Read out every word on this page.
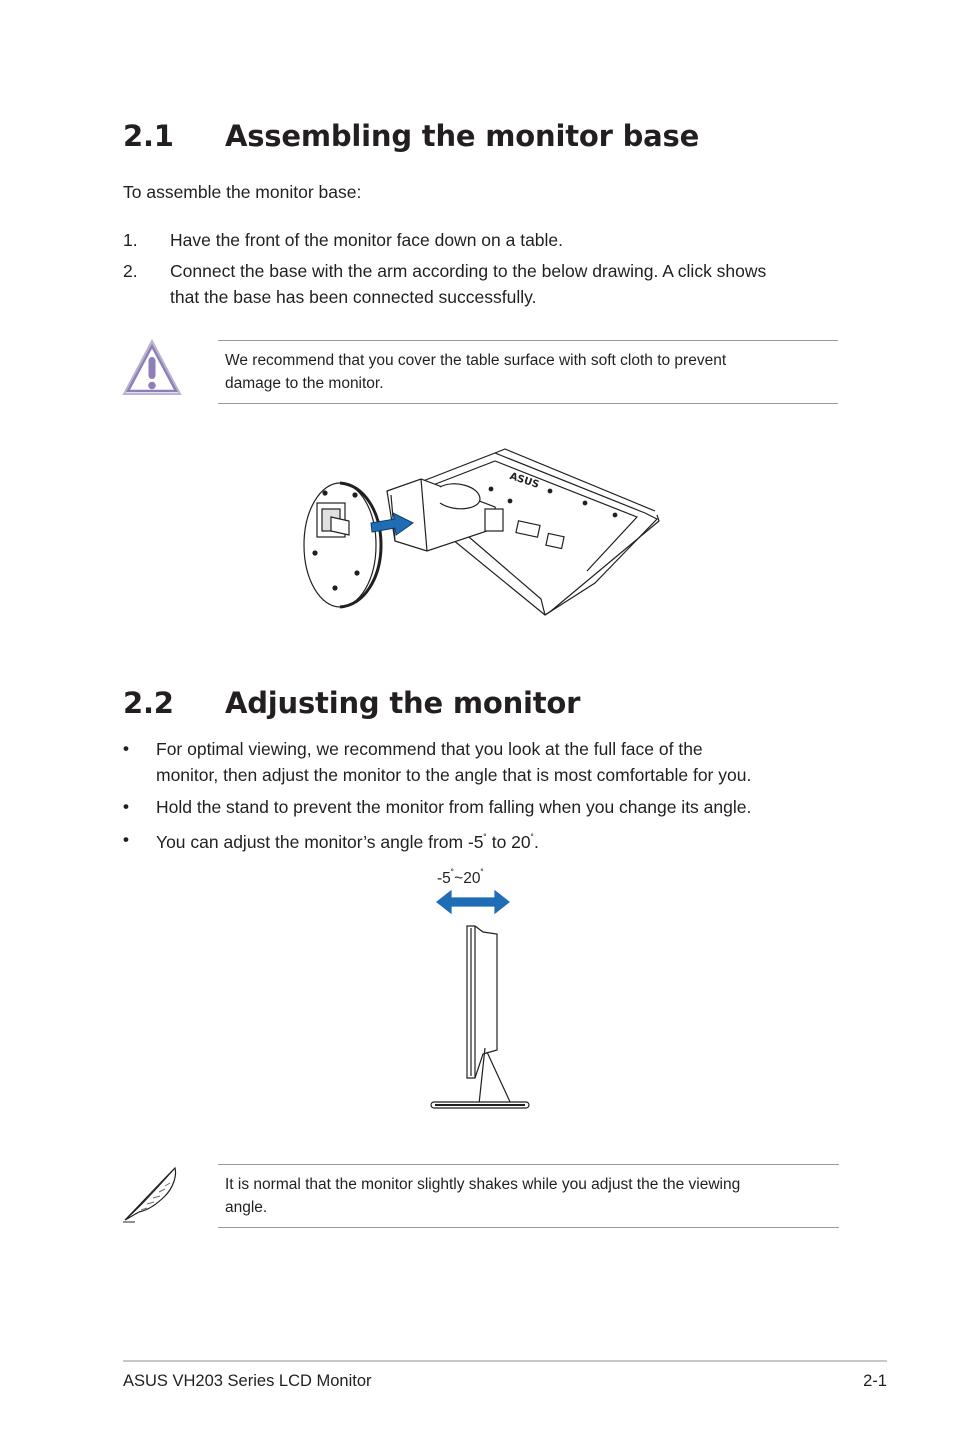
2.1 Assembling the monitor base
To assemble the monitor base:
1. Have the front of the monitor face down on a table.
2. Connect the base with the arm according to the below drawing. A click shows
that the base has been connected successfully.
We recommend that you cover the table surface with soft cloth to prevent
damage to the monitor.
ASUS
2.2 Adjusting the monitor
• For optimal viewing, we recommend that you look at the full face of the
monitor, then adjust the monitor to the angle that is most comfortable for you.
• Hold the stand to prevent the monitor from falling when you change its angle.
• You can adjust the monitor’s angle from -5˚ to 20˚.
-5˚~20˚
It is normal that the monitor slightly shakes while you adjust the the viewing
angle.
ASUS VH203 Series LCD Monitor	2-1
